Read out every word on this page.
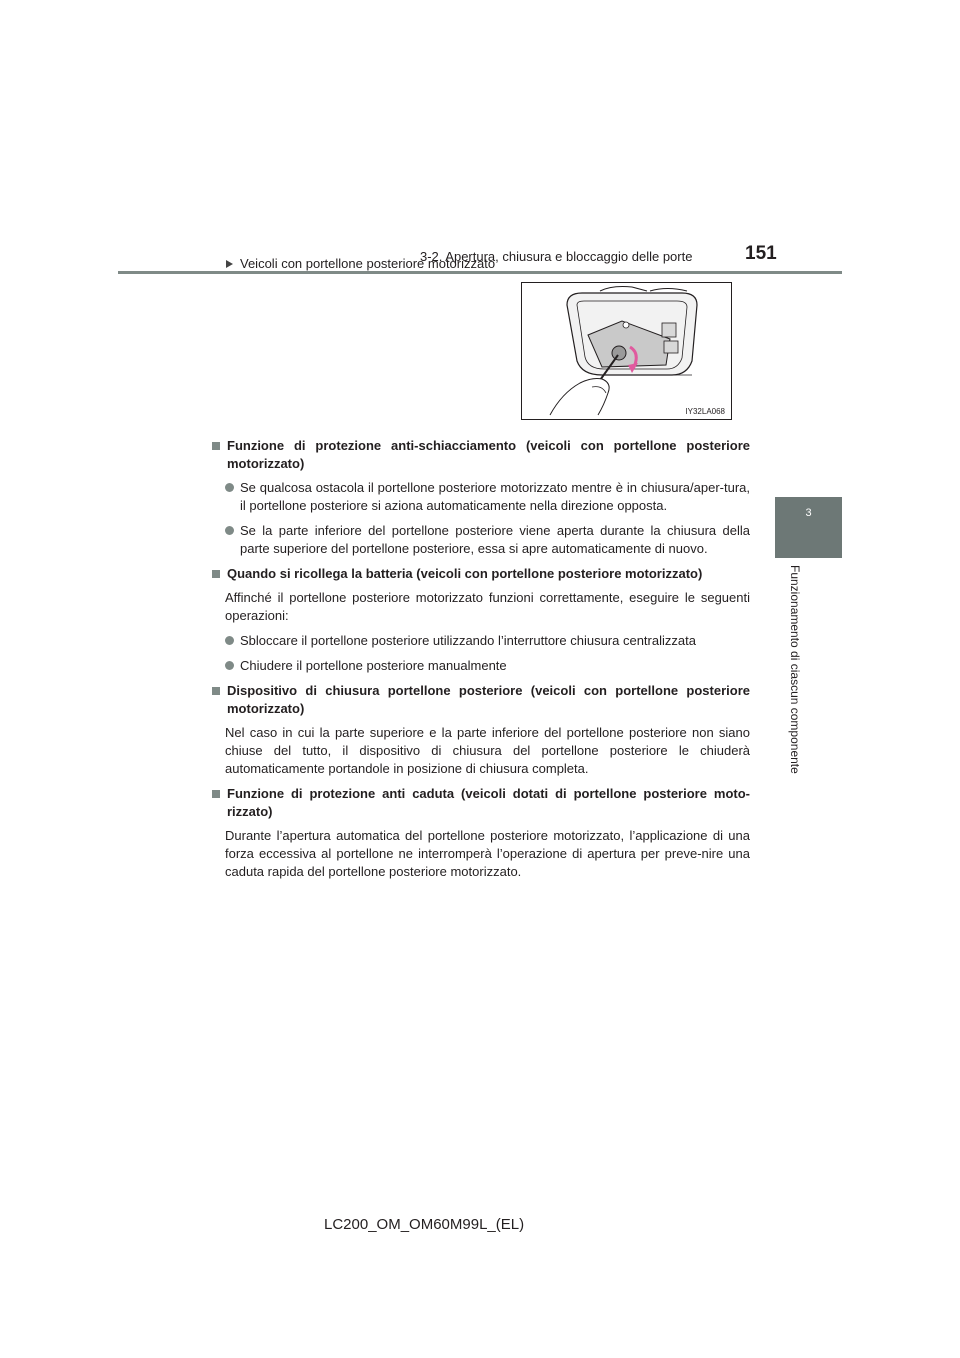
3-2. Apertura, chiusura e bloccaggio delle porte	151
3
Funzionamento di ciascun componente
Veicoli con portellone posteriore motorizzato
IY32LA068
Funzione di protezione anti-schiacciamento (veicoli con portellone posteriore motorizzato)
Se qualcosa ostacola il portellone posteriore motorizzato mentre è in chiusura/aper-tura, il portellone posteriore si aziona automaticamente nella direzione opposta.
Se la parte inferiore del portellone posteriore viene aperta durante la chiusura della parte superiore del portellone posteriore, essa si apre automaticamente di nuovo.
Quando si ricollega la batteria (veicoli con portellone posteriore motorizzato)
Affinché il portellone posteriore motorizzato funzioni correttamente, eseguire le seguenti operazioni:
Sbloccare il portellone posteriore utilizzando l’interruttore chiusura centralizzata
Chiudere il portellone posteriore manualmente
Dispositivo di chiusura portellone posteriore (veicoli con portellone posteriore motorizzato)
Nel caso in cui la parte superiore e la parte inferiore del portellone posteriore non siano chiuse del tutto, il dispositivo di chiusura del portellone posteriore le chiuderà automaticamente portandole in posizione di chiusura completa.
Funzione di protezione anti caduta (veicoli dotati di portellone posteriore moto-rizzato)
Durante l’apertura automatica del portellone posteriore motorizzato, l’applicazione di una forza eccessiva al portellone ne interromperà l’operazione di apertura per preve-nire una caduta rapida del portellone posteriore motorizzato.
LC200_OM_OM60M99L_(EL)
